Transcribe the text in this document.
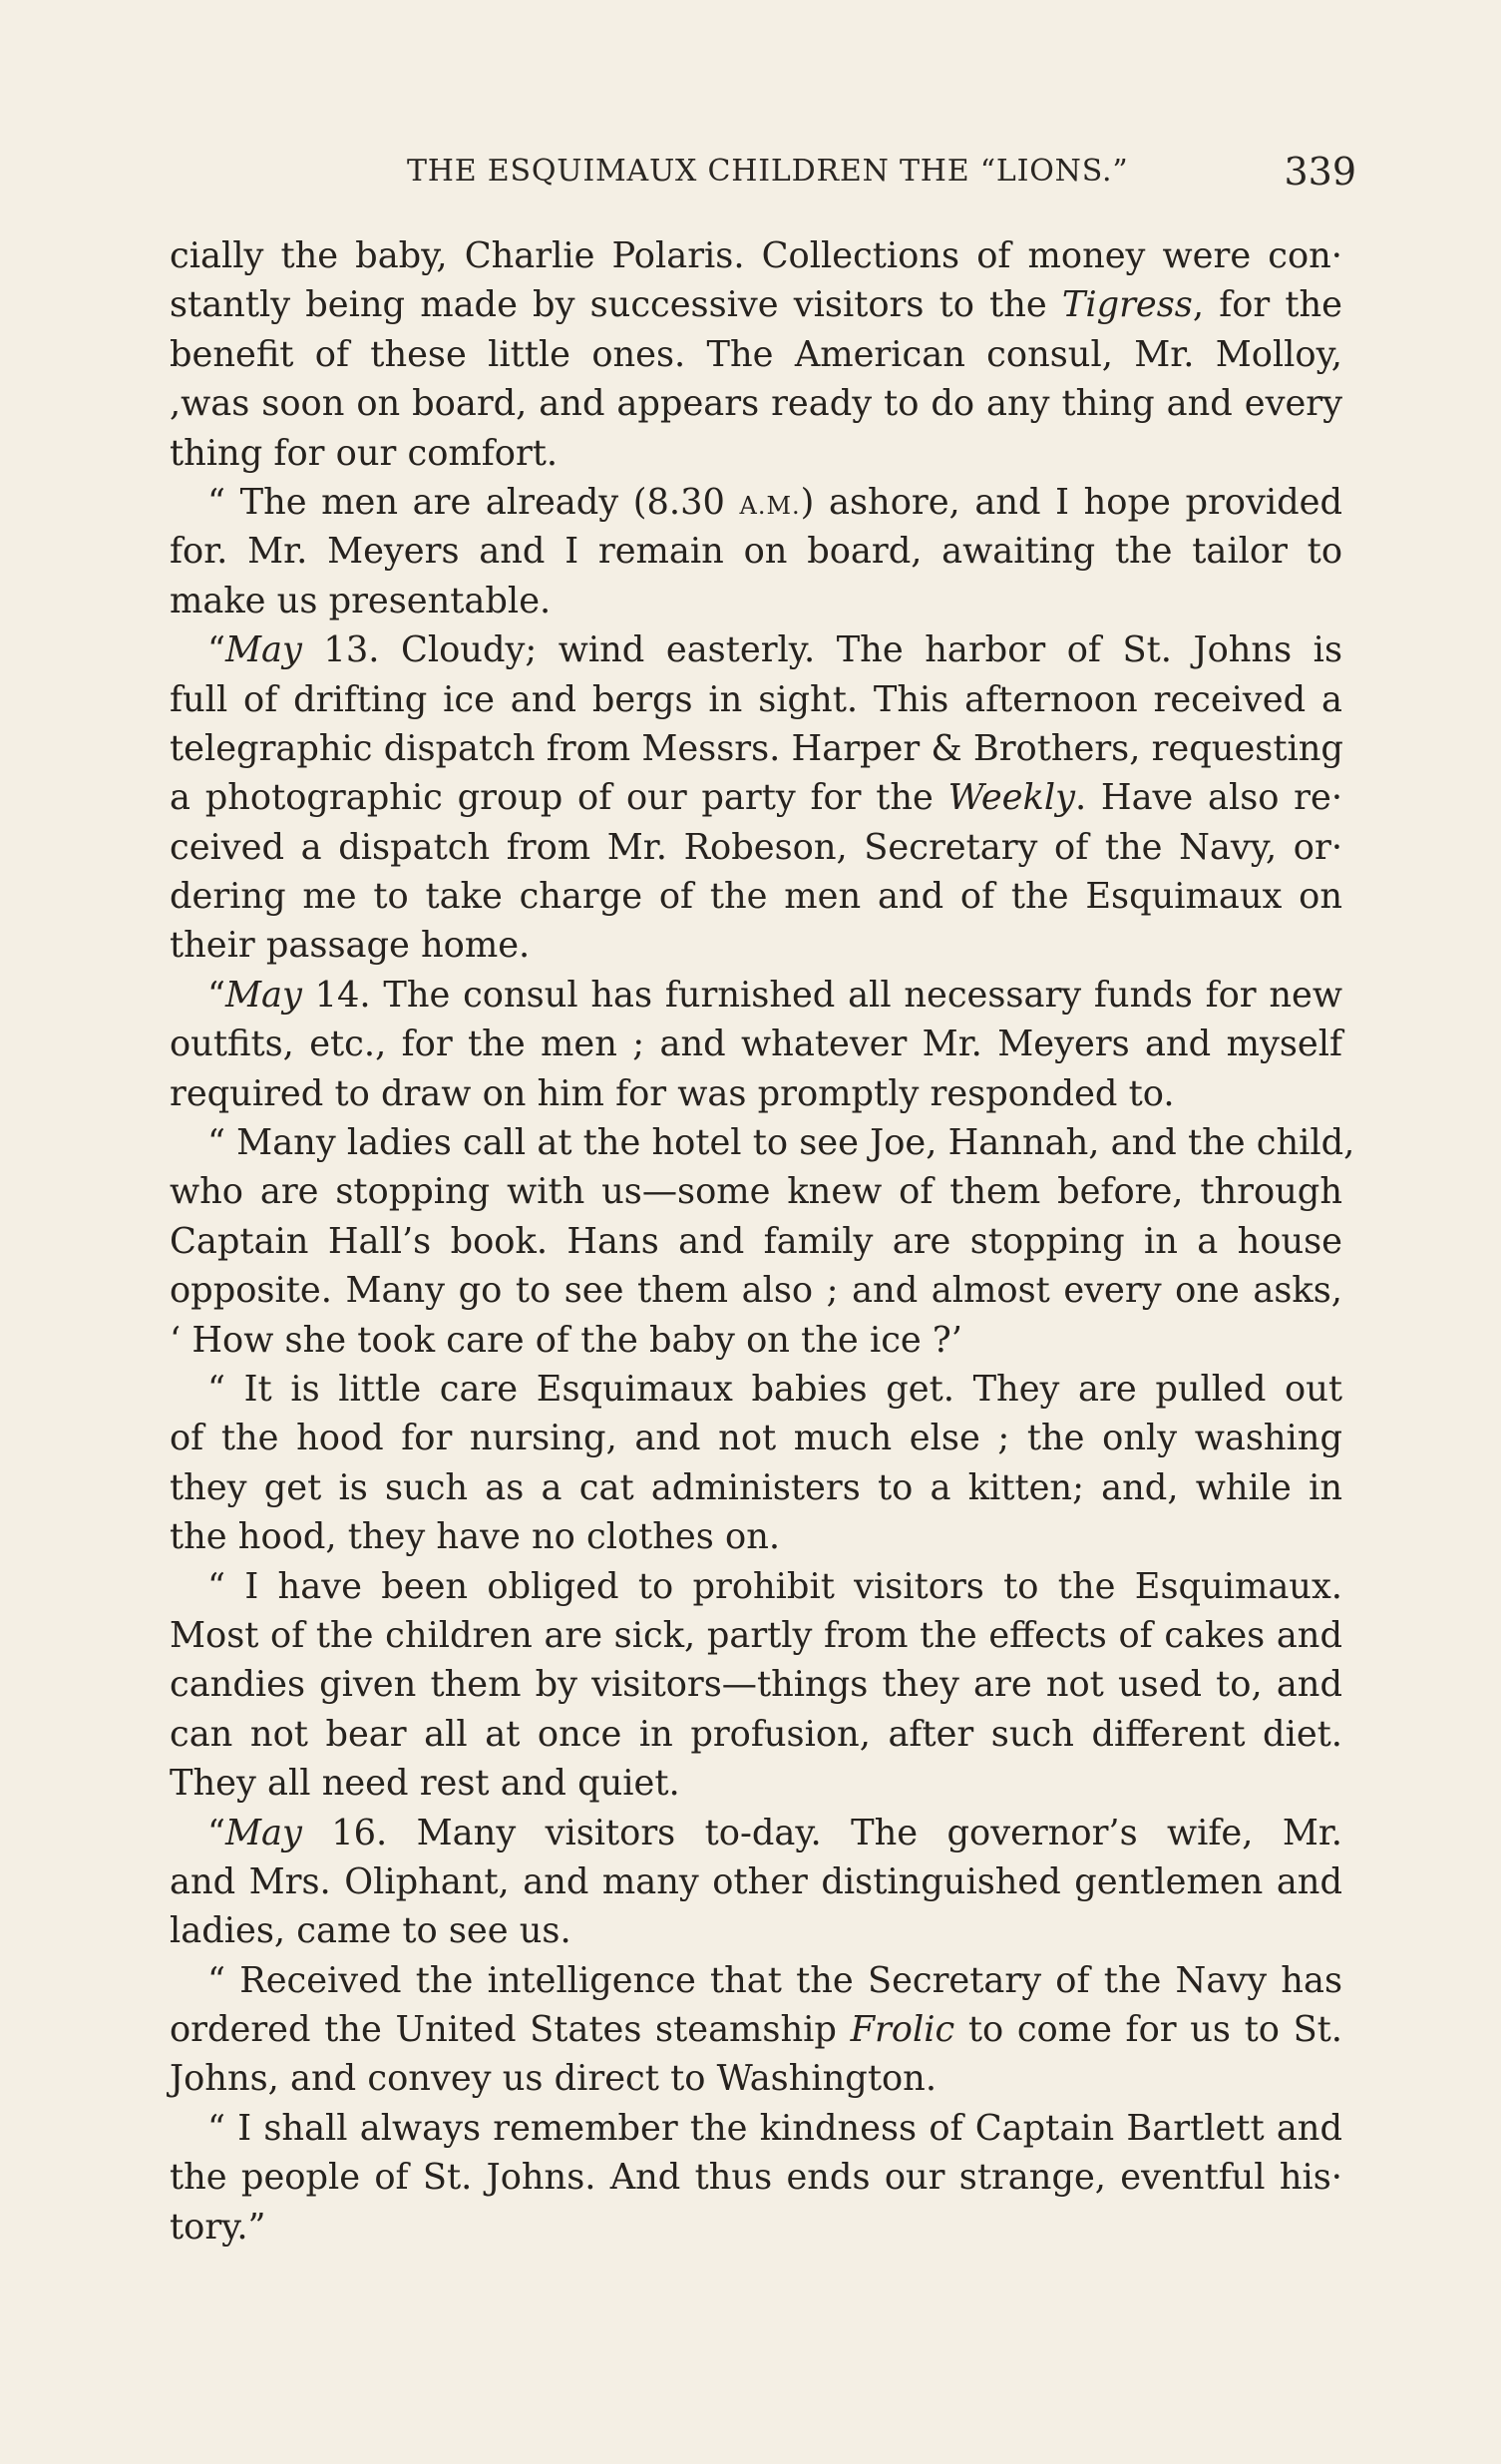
THE ESQUIMAUX CHILDREN THE “LIONS.”	339
cially the baby, Charlie Polaris. Collections of money were con·
stantly being made by successive visitors to the Tigress, for the
benefit of these little ones. The American consul, Mr. Molloy,
,was soon on board, and appears ready to do any thing and every
thing for our comfort.
“ The men are already (8.30 A.M.) ashore, and I hope provided
for. Mr. Meyers and I remain on board, awaiting the tailor to
make us presentable.
“May 13. Cloudy; wind easterly. The harbor of St. Johns is
full of drifting ice and bergs in sight. This afternoon received a
telegraphic dispatch from Messrs. Harper & Brothers, requesting
a photographic group of our party for the Weekly. Have also re·
ceived a dispatch from Mr. Robeson, Secretary of the Navy, or·
dering me to take charge of the men and of the Esquimaux on
their passage home.
“May 14. The consul has furnished all necessary funds for new
outfits, etc., for the men ; and whatever Mr. Meyers and myself
required to draw on him for was promptly responded to.
“ Many ladies call at the hotel to see Joe, Hannah, and the child,
who are stopping with us—some knew of them before, through
Captain Hall’s book. Hans and family are stopping in a house
opposite. Many go to see them also ; and almost every one asks,
‘ How she took care of the baby on the ice ?’
“ It is little care Esquimaux babies get. They are pulled out
of the hood for nursing, and not much else ; the only washing
they get is such as a cat administers to a kitten; and, while in
the hood, they have no clothes on.
“ I have been obliged to prohibit visitors to the Esquimaux.
Most of the children are sick, partly from the effects of cakes and
candies given them by visitors—things they are not used to, and
can not bear all at once in profusion, after such different diet.
They all need rest and quiet.
“May 16. Many visitors to-day. The governor’s wife, Mr.
and Mrs. Oliphant, and many other distinguished gentlemen and
ladies, came to see us.
“ Received the intelligence that the Secretary of the Navy has
ordered the United States steamship Frolic to come for us to St.
Johns, and convey us direct to Washington.
“ I shall always remember the kindness of Captain Bartlett and
the people of St. Johns. And thus ends our strange, eventful his·
tory.”
